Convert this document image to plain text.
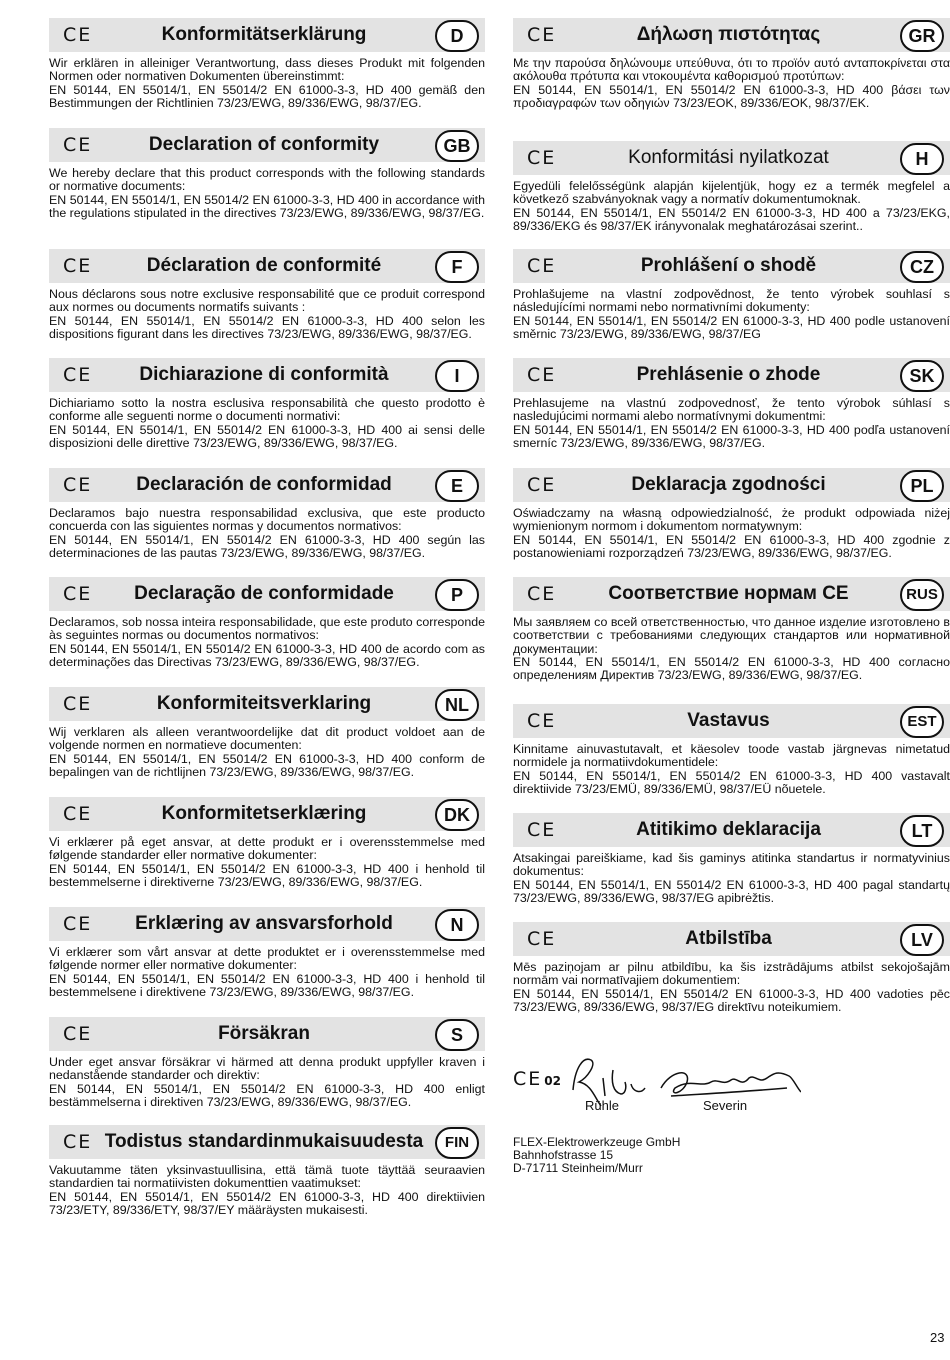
CE	Konformitätserklärung	D

Wir erklären in alleiniger Verantwortung, dass dieses Produkt mit folgenden Normen oder normativen Dokumenten übereinstimmt:

EN 50144, EN 55014/1, EN 55014/2 EN 61000-3-3, HD 400 gemäß den Bestimmungen der Richtlinien 73/23/EWG, 89/336/EWG, 98/37/EG.

CE	Declaration of conformity	GB

We hereby declare that this product corresponds with the following standards or normative documents:

EN 50144, EN 55014/1, EN 55014/2 EN 61000-3-3, HD 400 in accordance with the regulations stipulated in the directives 73/23/EWG, 89/336/EWG, 98/37/EG.

CE	Déclaration de conformité	F

Nous déclarons sous notre exclusive responsabilité que ce produit correspond aux normes ou documents normatifs suivants :

EN 50144, EN 55014/1, EN 55014/2 EN 61000-3-3, HD 400 selon les dispositions figurant dans les directives 73/23/EWG, 89/336/EWG, 98/37/EG.

CE	Dichiarazione di conformità	I

Dichiariamo sotto la nostra esclusiva responsabilità che questo prodotto è conforme alle seguenti norme o documenti normativi:

EN 50144, EN 55014/1, EN 55014/2 EN 61000-3-3, HD 400 ai sensi delle disposizioni delle direttive 73/23/EWG, 89/336/EWG, 98/37/EG.

CE	Declaración de conformidad	E

Declaramos bajo nuestra responsabilidad exclusiva, que este producto concuerda con las siguientes normas y documentos normativos:

EN 50144, EN 55014/1, EN 55014/2 EN 61000-3-3, HD 400 según las determinaciones de las pautas 73/23/EWG, 89/336/EWG, 98/37/EG.

CE	Declaração de conformidade	P

Declaramos, sob nossa inteira responsabilidade, que este produto corresponde às seguintes normas ou documentos normativos:

EN 50144, EN 55014/1, EN 55014/2 EN 61000-3-3, HD 400 de acordo com as determinações das Directivas 73/23/EWG, 89/336/EWG, 98/37/EG.

CE	Konformiteitsverklaring	NL

Wij verklaren als alleen verantwoordelijke dat dit product voldoet aan de volgende normen en normatieve documenten:

EN 50144, EN 55014/1, EN 55014/2 EN 61000-3-3, HD 400 conform de bepalingen van de richtlijnen 73/23/EWG, 89/336/EWG, 98/37/EG.

CE	Konformitetserklæring	DK

Vi erklærer på eget ansvar, at dette produkt er i overensstemmelse med følgende standarder eller normative dokumenter:

EN 50144, EN 55014/1, EN 55014/2 EN 61000-3-3, HD 400 i henhold til bestemmelserne i direktiverne 73/23/EWG, 89/336/EWG, 98/37/EG.

CE	Erklæring av ansvarsforhold	N

Vi erklærer som vårt ansvar at dette produktet er i overensstemmelse med følgende normer eller normative dokumenter:

EN 50144, EN 55014/1, EN 55014/2 EN 61000-3-3, HD 400 i henhold til bestemmelsene i direktivene 73/23/EWG, 89/336/EWG, 98/37/EG.

CE	Försäkran	S

Under eget ansvar försäkrar vi härmed att denna produkt uppfyller kraven i nedanstående standarder och direktiv:

EN 50144, EN 55014/1, EN 55014/2 EN 61000-3-3, HD 400 enligt bestämmelserna i direktiven 73/23/EWG, 89/336/EWG, 98/37/EG.

CE Todistus standardinmukaisuudesta	FIN

Vakuutamme täten yksinvastuullisina, että tämä tuote täyttää seuraavien standardien tai normatiivisten dokumenttien vaatimukset:

EN 50144, EN 55014/1, EN 55014/2 EN 61000-3-3, HD 400 direktiivien 73/23/ETY, 89/336/ETY, 98/37/EY määräysten mukaisesti.

CE 02
Rühle	Severin
FLEX-Elektrowerkzeuge GmbH
Bahnhofstrasse 15
D-71711 Steinheim/Murr
CE	Δήλωση πιστότητας	GR

Με την παρούσα δηλώνουμε υπεύθυνα, ότι το προϊόν αυτό ανταποκρίνεται στα ακόλουθα πρότυπα και ντοκουμέντα καθορισμού προτύπων:

EN 50144, EN 55014/1, EN 55014/2 EN 61000-3-3, HD 400 βάσει των προδιαγραφών των οδηγιών 73/23/EOK, 89/336/EOK, 98/37/EK.

CE	Konformitási nyilatkozat	H

Egyedüli felelősségünk alapján kijelentjük, hogy ez a termék megfelel a következő szabványoknak vagy a normatív dokumentumoknak.

EN 50144, EN 55014/1, EN 55014/2 EN 61000-3-3, HD 400 a 73/23/EKG, 89/336/EKG és 98/37/EK irányvonalak meghatározásai szerint..

CE	Prohlášení o shodě	CZ

Prohlašujeme na vlastní zodpovědnost, že tento výrobek souhlasí s následujícími normami nebo normativními dokumenty:

EN 50144, EN 55014/1, EN 55014/2 EN 61000-3-3, HD 400 podle ustanovení směrnic 73/23/EWG, 89/336/EWG, 98/37/EG

CE	Prehlásenie o zhode	SK

Prehlasujeme na vlastnú zodpovednosť, že tento výrobok súhlasí s nasledujúcimi normami alebo normatívnymi dokumentmi:

EN 50144, EN 55014/1, EN 55014/2 EN 61000-3-3, HD 400 podľa ustanovení smerníc 73/23/EWG, 89/336/EWG, 98/37/EG.

CE	Deklaracja zgodności	PL

Oświadczamy na własną odpowiedzialność, że produkt odpowiada niżej wymienionym normom i dokumentom normatywnym:

EN 50144, EN 55014/1, EN 55014/2 EN 61000-3-3, HD 400 zgodnie z postanowieniami rozporządzeń 73/23/EWG, 89/336/EWG, 98/37/EG.

CE	Соответствие нормам CE	RUS

Мы заявляем со всей ответственностью, что данное изделие изготовлено в соответствии с требованиями следующих стандартов или нормативной документации:

EN 50144, EN 55014/1, EN 55014/2 EN 61000-3-3, HD 400 согласно определениям Директив 73/23/EWG, 89/336/EWG, 98/37/EG.

CE	Vastavus	EST

Kinnitame ainuvastutavalt, et käesolev toode vastab järgnevas nimetatud normidele ja normatiivdokumentidele:

EN 50144, EN 55014/1, EN 55014/2 EN 61000-3-3, HD 400 vastavalt direktiivide 73/23/EMÜ, 89/336/EMÜ, 98/37/EÜ nõuetele.

CE	Atitikimo deklaracija	LT

Atsakingai pareiškiame, kad šis gaminys atitinka standartus ir normatyvinius dokumentus:

EN 50144, EN 55014/1, EN 55014/2 EN 61000-3-3, HD 400 pagal standartų 73/23/EWG, 89/336/EWG, 98/37/EG apibrėžtis.

CE	Atbilstība	LV

Mēs paziņojam ar pilnu atbildību, ka šis izstrādājums atbilst sekojošajām normām vai normatīvajiem dokumentiem:

EN 50144, EN 55014/1, EN 55014/2 EN 61000-3-3, HD 400 vadoties pēc 73/23/EWG, 89/336/EWG, 98/37/EG direktīvu noteikumiem.

23
